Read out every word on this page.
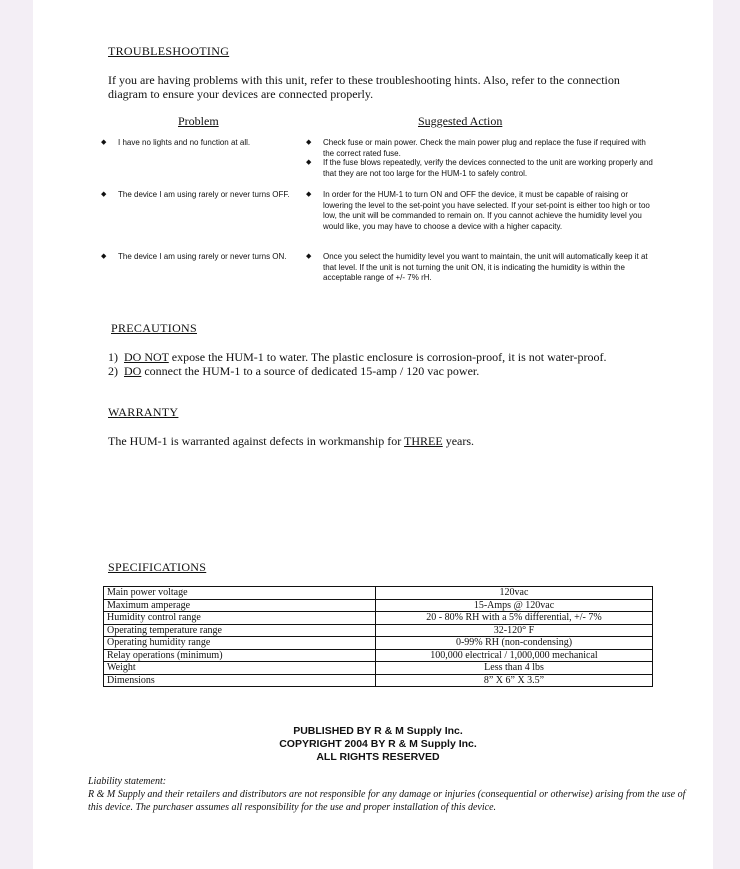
TROUBLESHOOTING
If you are having problems with this unit, refer to these troubleshooting hints. Also, refer to the connection diagram to ensure your devices are connected properly.
Problem	Suggested Action
◆ I have no lights and no function at all.	◆ Check fuse or main power. Check the main power plug and replace the fuse if required with the correct rated fuse.
◆ If the fuse blows repeatedly, verify the devices connected to the unit are working properly and that they are not too large for the HUM-1 to safely control.
◆ The device I am using rarely or never turns OFF.	◆ In order for the HUM-1 to turn ON and OFF the device, it must be capable of raising or lowering the level to the set-point you have selected. If your set-point is either too high or too low, the unit will be commanded to remain on. If you cannot achieve the humidity level you would like, you may have to choose a device with a higher capacity.
◆ The device I am using rarely or never turns ON.	◆ Once you select the humidity level you want to maintain, the unit will automatically keep it at that level. If the unit is not turning the unit ON, it is indicating the humidity is within the acceptable range of +/- 7% rH.
PRECAUTIONS
1) DO NOT expose the HUM-1 to water. The plastic enclosure is corrosion-proof, it is not water-proof.
2) DO connect the HUM-1 to a source of dedicated 15-amp / 120 vac power.
WARRANTY
The HUM-1 is warranted against defects in workmanship for THREE years.
SPECIFICATIONS
Main power voltage	120vac
Maximum amperage	15-Amps @ 120vac
Humidity control range	20 - 80% RH with a 5% differential, +/- 7%
Operating temperature range	32-120° F
Operating humidity range	0-99% RH (non-condensing)
Relay operations (minimum)	100,000 electrical / 1,000,000 mechanical
Weight	Less than 4 lbs
Dimensions	8” X 6” X 3.5”
PUBLISHED BY R & M Supply Inc.
COPYRIGHT 2004 BY R & M Supply Inc.
ALL RIGHTS RESERVED
Liability statement:
R & M Supply and their retailers and distributors are not responsible for any damage or injuries (consequential or otherwise) arising from the use of this device. The purchaser assumes all responsibility for the use and proper installation of this device.
